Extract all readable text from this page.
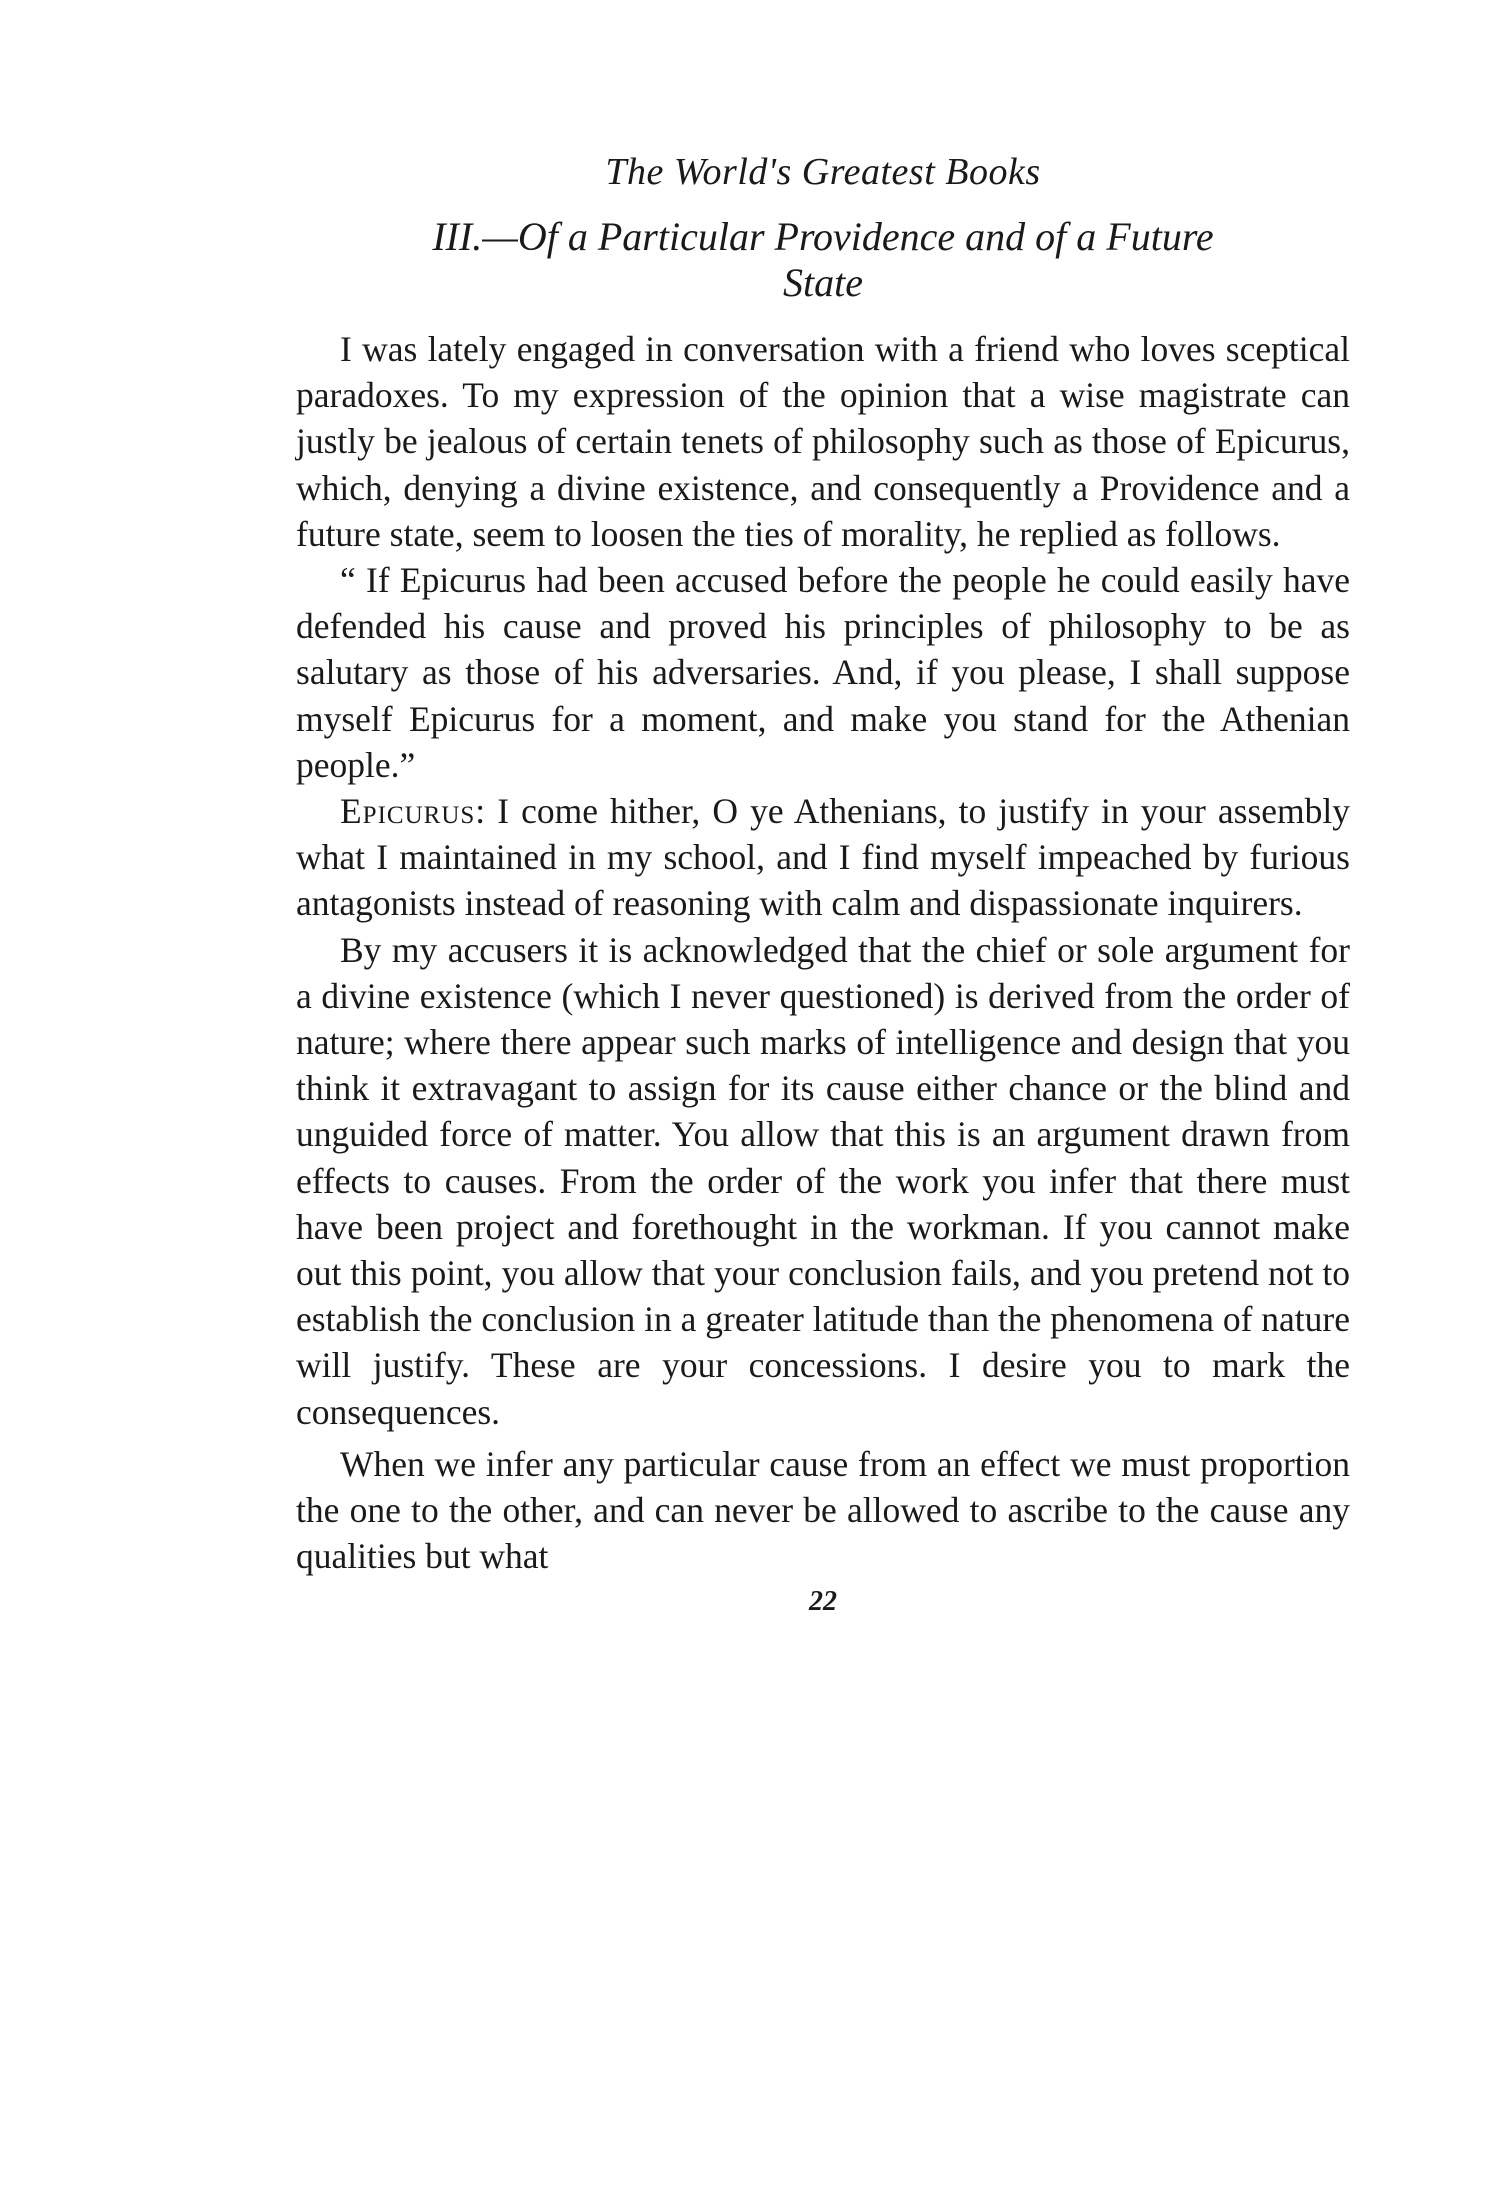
The World's Greatest Books
III.—Of a Particular Providence and of a Future
State

I was lately engaged in conversation with a friend who loves sceptical paradoxes. To my expression of the opinion that a wise magistrate can justly be jealous of certain tenets of philosophy such as those of Epicurus, which, denying a divine existence, and consequently a Providence and a future state, seem to loosen the ties of morality, he replied as follows.

“ If Epicurus had been accused before the people he could easily have defended his cause and proved his principles of philosophy to be as salutary as those of his adversaries. And, if you please, I shall suppose myself Epicurus for a moment, and make you stand for the Athenian people.”

Epicurus: I come hither, O ye Athenians, to justify in your assembly what I maintained in my school, and I find myself impeached by furious antagonists instead of reasoning with calm and dispassionate inquirers.

By my accusers it is acknowledged that the chief or sole argument for a divine existence (which I never questioned) is derived from the order of nature; where there appear such marks of intelligence and design that you think it extravagant to assign for its cause either chance or the blind and unguided force of matter. You allow that this is an argument drawn from effects to causes. From the order of the work you infer that there must have been project and forethought in the workman. If you cannot make out this point, you allow that your conclusion fails, and you pretend not to establish the conclusion in a greater latitude than the phenomena of nature will justify. These are your concessions. I desire you to mark the consequences.

When we infer any particular cause from an effect we must proportion the one to the other, and can never be allowed to ascribe to the cause any qualities but what

22
